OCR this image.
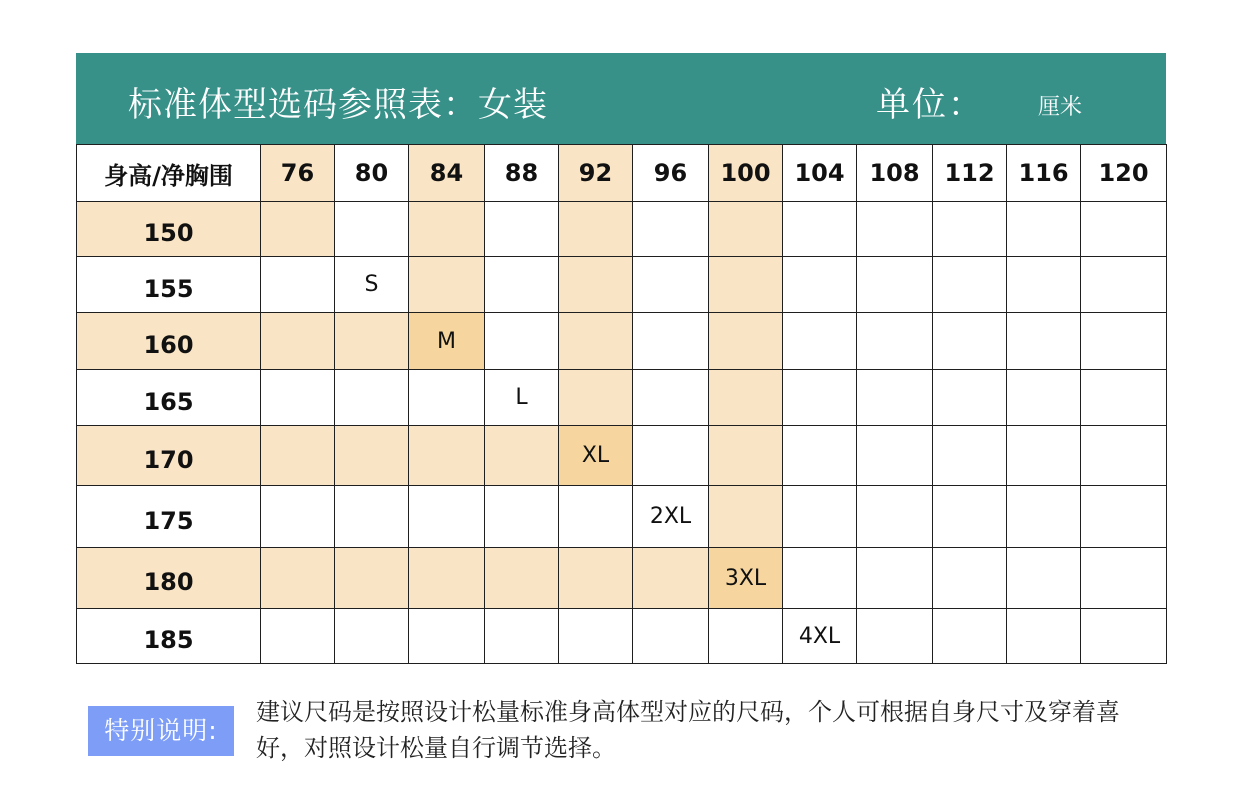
标准体型选码参照表：女装	单位： 厘米
身高/净胸围	76	80	84	88	92	96	100	104	108	112	116	120
150												
155		S										
160			M									
165				L								
170					XL							
175						2XL						
180							3XL					
185								4XL				
特别说明:
建议尺码是按照设计松量标准身高体型对应的尺码，个人可根据自身尺寸及穿着喜好，对照设计松量自行调节选择。
